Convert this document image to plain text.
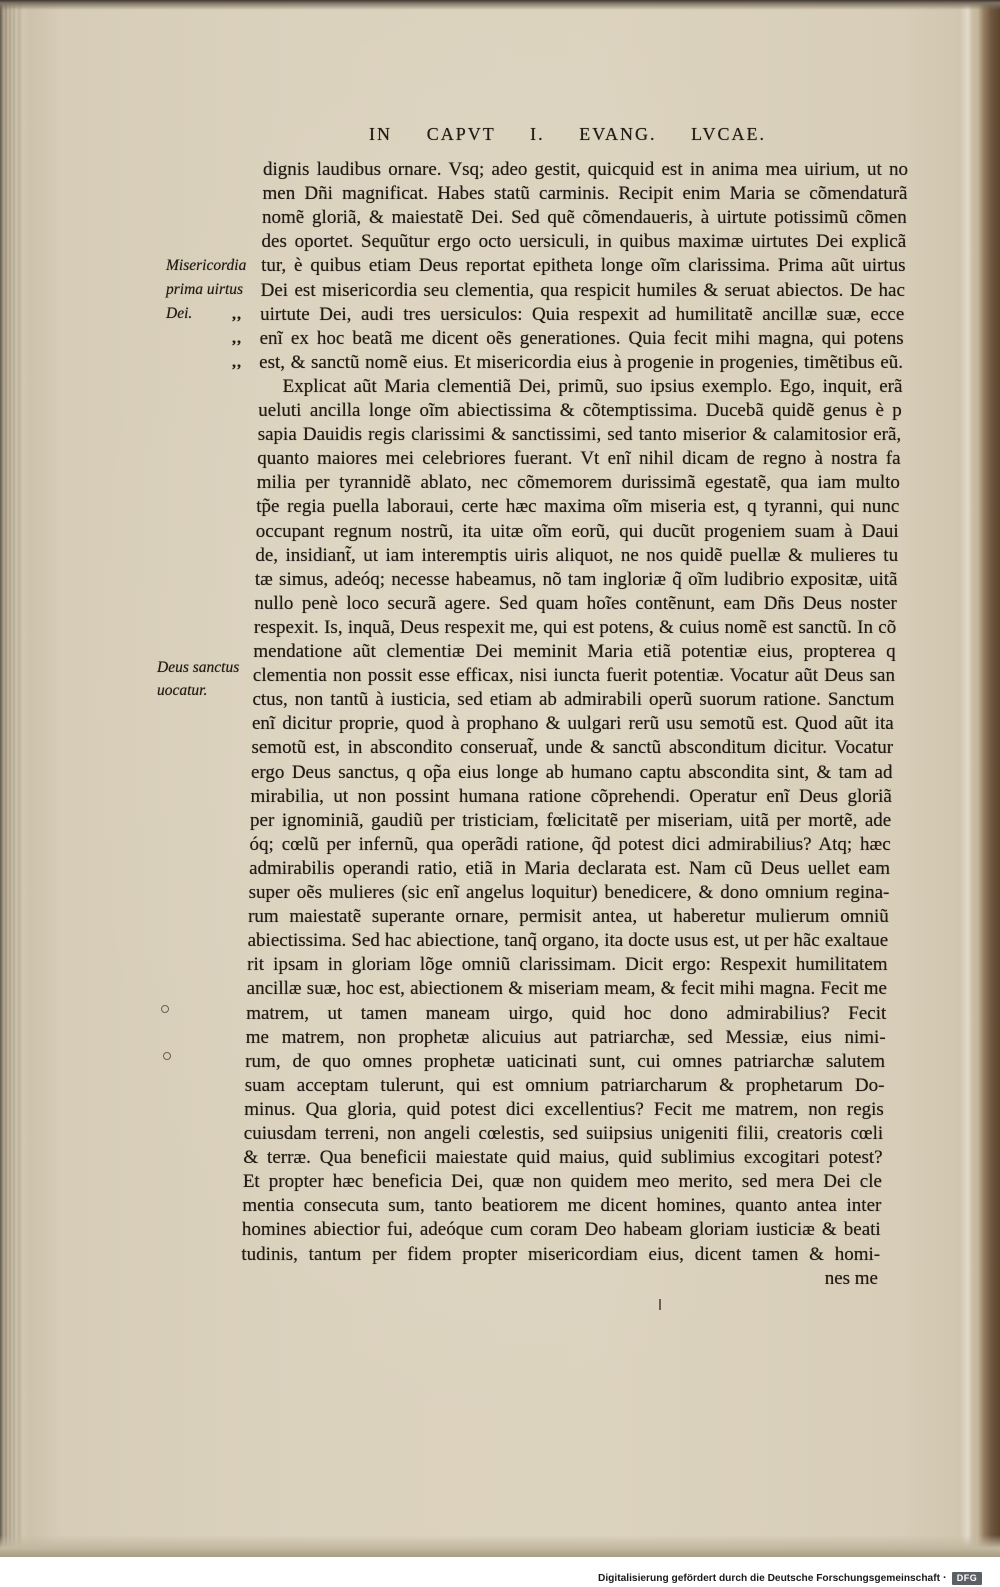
IN CAPVT I. EVANG. LVCAE.
dignis laudibus ornare. Vsq; adeo gestit, quicquid est in anima mea uirium, ut no
men Dñi magnificat. Habes statũ carminis. Recipit enim Maria se cõmendaturã
nomẽ gloriã, & maiestatẽ Dei. Sed quẽ cõmendaueris, à uirtute potissimũ cõmen
des oportet. Sequũtur ergo octo uersiculi, in quibus maximæ uirtutes Dei explicã
tur, è quibus etiam Deus reportat epitheta longe oĩm clarissima. Prima aũt uirtus
Dei est misericordia seu clementia, qua respicit humiles & seruat abiectos. De hac
uirtute Dei, audi tres uersiculos: Quia respexit ad humilitatẽ ancillæ suæ, ecce
enĩ ex hoc beatã me dicent oẽs generationes. Quia fecit mihi magna, qui potens
est, & sanctũ nomẽ eius. Et misericordia eius à progenie in progenies, timẽtibus eũ.
Explicat aũt Maria clementiã Dei, primũ, suo ipsius exemplo. Ego, inquit, erã
ueluti ancilla longe oĩm abiectissima & cõtemptissima. Ducebã quidẽ genus è p
sapia Dauidis regis clarissimi & sanctissimi, sed tanto miserior & calamitosior erã,
quanto maiores mei celebriores fuerant. Vt enĩ nihil dicam de regno à nostra fa
milia per tyrannidẽ ablato, nec cõmemorem durissimã egestatẽ, qua iam multo
tp̃e regia puella laboraui, certe hæc maxima oĩm miseria est, q tyranni, qui nunc
occupant regnum nostrũ, ita uitæ oĩm eorũ, qui ducũt progeniem suam à Daui
de, insidiant̃, ut iam interemptis uiris aliquot, ne nos quidẽ puellæ & mulieres tu
tæ simus, adeóq; necesse habeamus, nõ tam ingloriæ q̃ oĩm ludibrio expositæ, uitã
nullo penè loco securã agere. Sed quam hoĩes contẽnunt, eam Dñs Deus noster
respexit. Is, inquã, Deus respexit me, qui est potens, & cuius nomẽ est sanctũ. In cõ
mendatione aũt clementiæ Dei meminit Maria etiã potentiæ eius, propterea q
clementia non possit esse efficax, nisi iuncta fuerit potentiæ. Vocatur aũt Deus san
ctus, non tantũ à iusticia, sed etiam ab admirabili operũ suorum ratione. Sanctum
enĩ dicitur proprie, quod à prophano & uulgari rerũ usu semotũ est. Quod aũt ita
semotũ est, in abscondito conseruat̃, unde & sanctũ absconditum dicitur. Vocatur
ergo Deus sanctus, q op̃a eius longe ab humano captu abscondita sint, & tam ad
mirabilia, ut non possint humana ratione cõprehendi. Operatur enĩ Deus gloriã
per ignominiã, gaudiũ per tristiciam, fœlicitatẽ per miseriam, uitã per mortẽ, ade
óq; cœlũ per infernũ, qua operãdi ratione, q̃d potest dici admirabilius? Atq; hæc
admirabilis operandi ratio, etiã in Maria declarata est. Nam cũ Deus uellet eam
super oẽs mulieres (sic enĩ angelus loquitur) benedicere, & dono omnium regina-
rum maiestatẽ superante ornare, permisit antea, ut haberetur mulierum omniũ
abiectissima. Sed hac abiectione, tanq̃ organo, ita docte usus est, ut per hãc exaltaue
rit ipsam in gloriam lõge omniũ clarissimam. Dicit ergo: Respexit humilitatem
ancillæ suæ, hoc est, abiectionem & miseriam meam, & fecit mihi magna. Fecit me
matrem, ut tamen maneam uirgo, quid hoc dono admirabilius? Fecit
me matrem, non prophetæ alicuius aut patriarchæ, sed Messiæ, eius nimi-
rum, de quo omnes prophetæ uaticinati sunt, cui omnes patriarchæ salutem
suam acceptam tulerunt, qui est omnium patriarcharum & prophetarum Do-
minus. Qua gloria, quid potest dici excellentius? Fecit me matrem, non regis
cuiusdam terreni, non angeli cœlestis, sed suiipsius unigeniti filii, creatoris cœli
& terræ. Qua beneficii maiestate quid maius, quid sublimius excogitari potest?
Et propter hæc beneficia Dei, quæ non quidem meo merito, sed mera Dei cle
mentia consecuta sum, tanto beatiorem me dicent homines, quanto antea inter
homines abiectior fui, adeóque cum coram Deo habeam gloriam iusticiæ & beati
tudinis, tantum per fidem propter misericordiam eius, dicent tamen & homi-
nes me
Misericordia
prima uirtus
Dei.
Deus sanctus
uocatur.
,,
,,
,,
Digitalisierung gefördert durch die Deutsche Forschungsgemeinschaft ·	DFG
